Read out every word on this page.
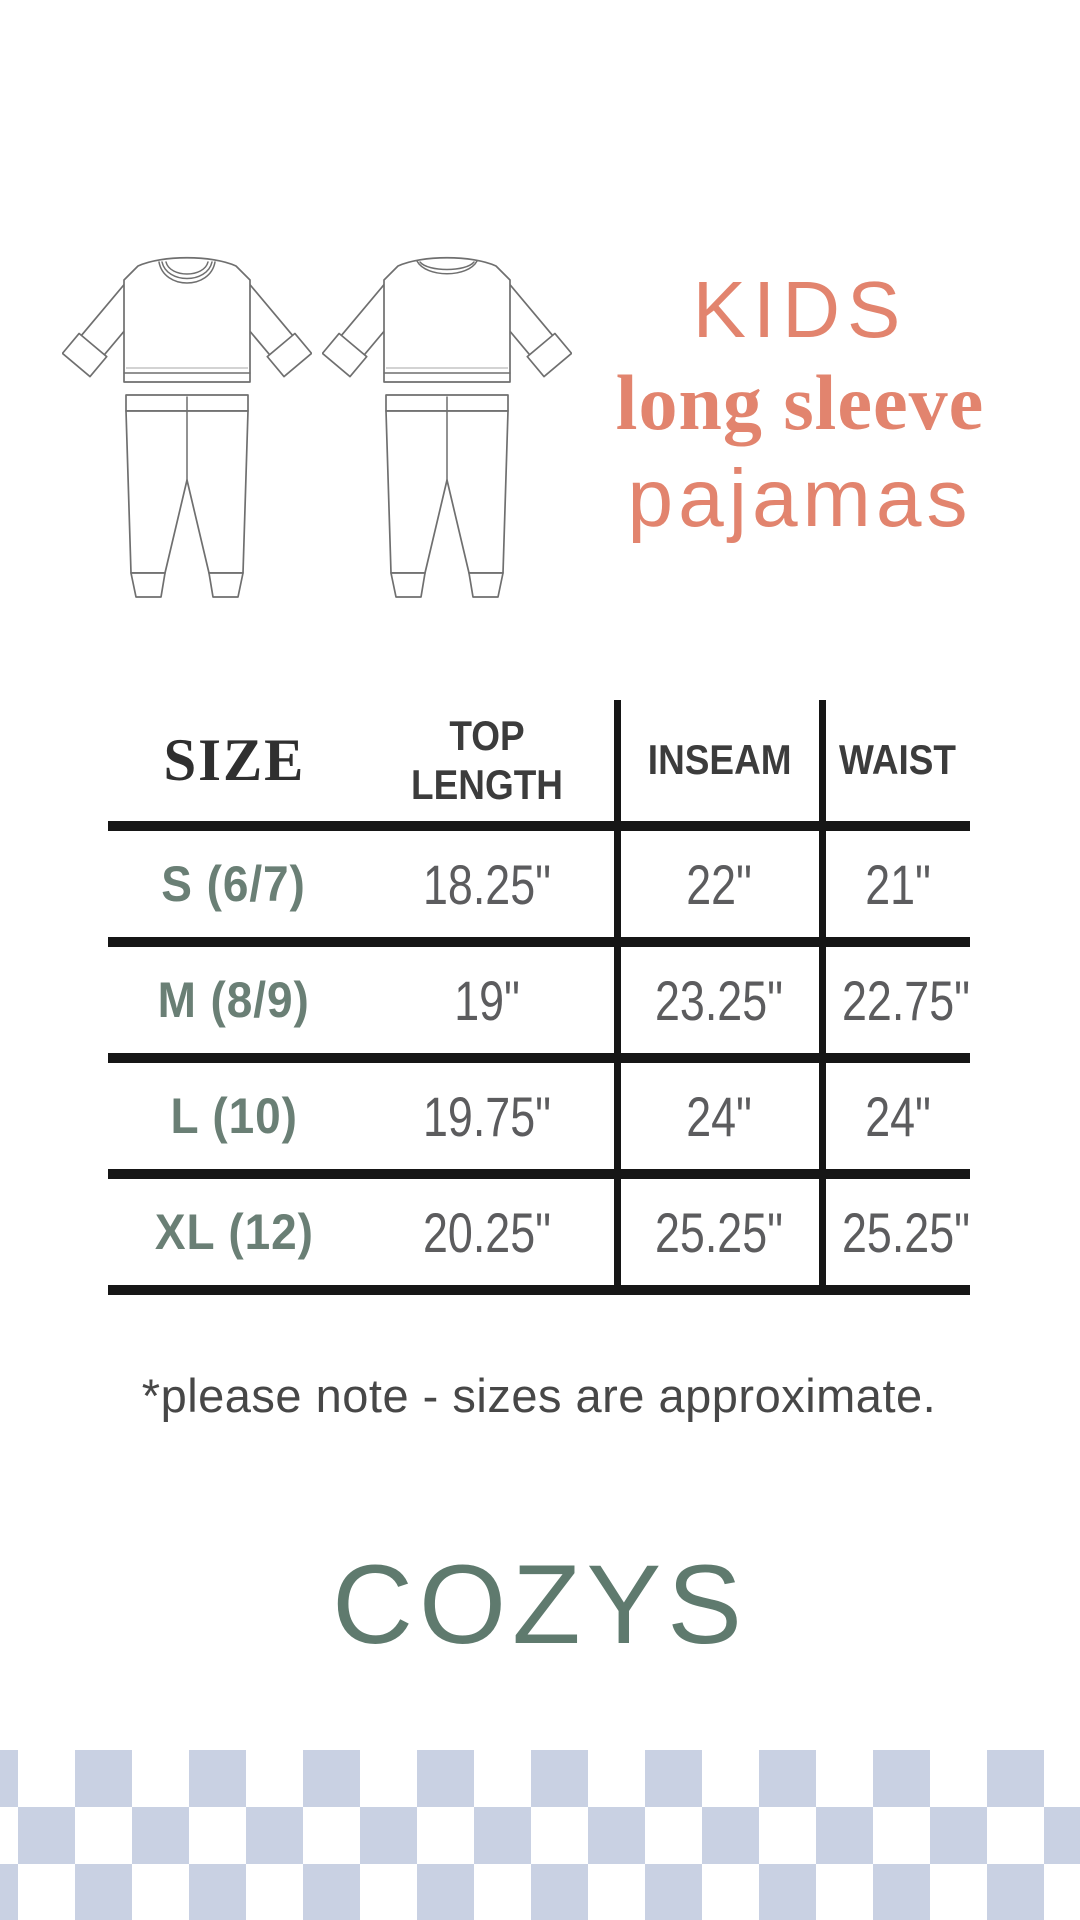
KIDS
long sleeve
pajamas
SIZE	TOP LENGTH	INSEAM	WAIST
S (6/7)	18.25"	22"	21"
M (8/9)	19"	23.25"	22.75"
L (10)	19.75"	24"	24"
XL (12)	20.25"	25.25"	25.25"
*please note - sizes are approximate.
COZYS
